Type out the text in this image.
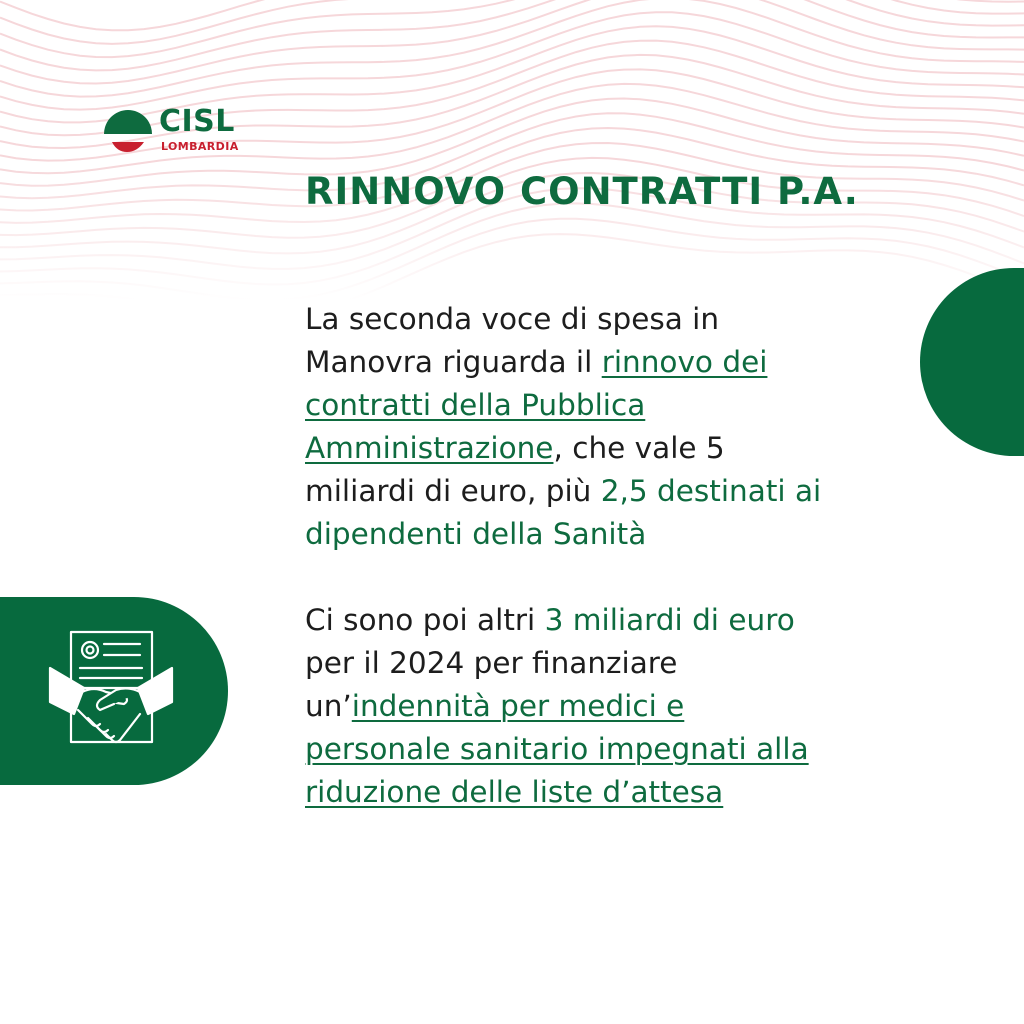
CISL
LOMBARDIA
RINNOVO CONTRATTI P.A.

La seconda voce di spesa in Manovra riguarda il rinnovo dei contratti della Pubblica Amministrazione, che vale 5 miliardi di euro, più 2,5 destinati ai dipendenti della Sanità

Ci sono poi altri 3 miliardi di euro per il 2024 per finanziare un’indennità per medici e personale sanitario impegnati alla riduzione delle liste d’attesa
